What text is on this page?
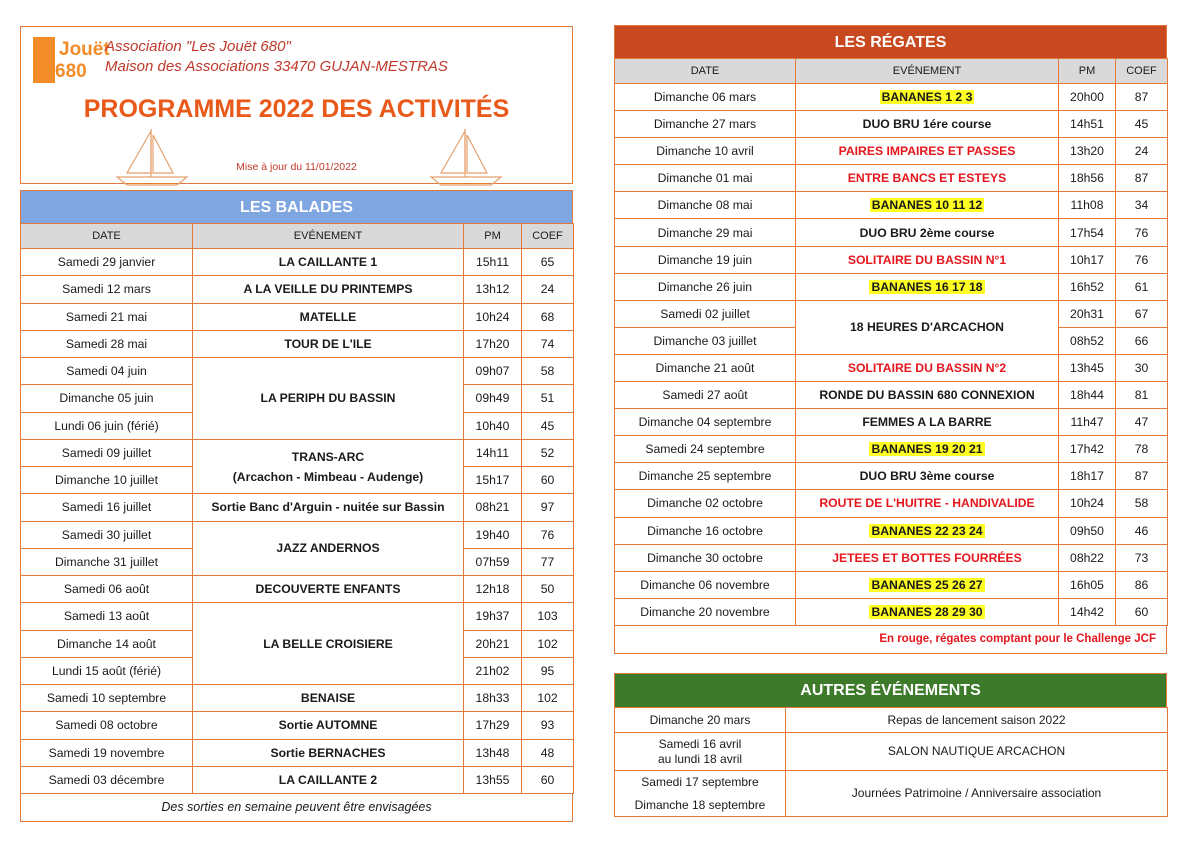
Jouët
680
Association "Les Jouët 680"
Maison des Associations 33470 GUJAN-MESTRAS
PROGRAMME 2022 DES ACTIVITÉS
Mise à jour du 11/01/2022
LES BALADES
DATE	EVÉNEMENT	PM	COEF
Samedi 29 janvier	LA CAILLANTE 1	15h11	65
Samedi 12 mars	A LA VEILLE DU PRINTEMPS	13h12	24
Samedi 21 mai	MATELLE	10h24	68
Samedi 28 mai	TOUR DE L'ILE	17h20	74
Samedi 04 juin	LA PERIPH DU BASSIN	09h07	58
Dimanche 05 juin		09h49	51
Lundi 06 juin (férié)		10h40	45
Samedi 09 juillet	TRANS-ARC
(Arcachon - Mimbeau - Audenge)	14h11	52
Dimanche 10 juillet		15h17	60
Samedi 16 juillet	Sortie Banc d'Arguin - nuitée sur Bassin	08h21	97
Samedi 30 juillet	JAZZ ANDERNOS	19h40	76
Dimanche 31 juillet		07h59	77
Samedi 06 août	DECOUVERTE ENFANTS	12h18	50
Samedi 13 août	LA BELLE CROISIERE	19h37	103
Dimanche 14 août		20h21	102
Lundi 15 août (férié)		21h02	95
Samedi 10 septembre	BENAISE	18h33	102
Samedi 08 octobre	Sortie AUTOMNE	17h29	93
Samedi 19 novembre	Sortie BERNACHES	13h48	48
Samedi 03 décembre	LA CAILLANTE 2	13h55	60
Des sorties en semaine peuvent être envisagées
LES RÉGATES
DATE	EVÉNEMENT	PM	COEF
Dimanche 06 mars	BANANES 1 2 3	20h00	87
Dimanche 27 mars	DUO BRU 1ére course	14h51	45
Dimanche 10 avril	PAIRES IMPAIRES ET PASSES	13h20	24
Dimanche 01 mai	ENTRE BANCS ET ESTEYS	18h56	87
Dimanche 08 mai	BANANES 10 11 12	11h08	34
Dimanche 29 mai	DUO BRU 2ème course	17h54	76
Dimanche 19 juin	SOLITAIRE DU BASSIN N°1	10h17	76
Dimanche 26 juin	BANANES 16 17 18	16h52	61
Samedi 02 juillet	18 HEURES D'ARCACHON	20h31	67
Dimanche 03 juillet		08h52	66
Dimanche 21 août	SOLITAIRE DU BASSIN N°2	13h45	30
Samedi 27 août	RONDE DU BASSIN 680 CONNEXION	18h44	81
Dimanche 04 septembre	FEMMES A LA BARRE	11h47	47
Samedi 24 septembre	BANANES 19 20 21	17h42	78
Dimanche 25 septembre	DUO BRU 3ème course	18h17	87
Dimanche 02 octobre	ROUTE DE L'HUITRE - HANDIVALIDE	10h24	58
Dimanche 16 octobre	BANANES 22 23 24	09h50	46
Dimanche 30 octobre	JETEES ET BOTTES FOURRÉES	08h22	73
Dimanche 06 novembre	BANANES 25 26 27	16h05	86
Dimanche 20 novembre	BANANES 28 29 30	14h42	60
En rouge, régates comptant pour le Challenge JCF
AUTRES ÉVÉNEMENTS
Dimanche 20 mars	Repas de lancement saison 2022

Samedi 16 avril
au lundi 18 avril	SALON NAUTIQUE ARCACHON

Samedi 17 septembre
Dimanche 18 septembre	Journées Patrimoine / Anniversaire association
